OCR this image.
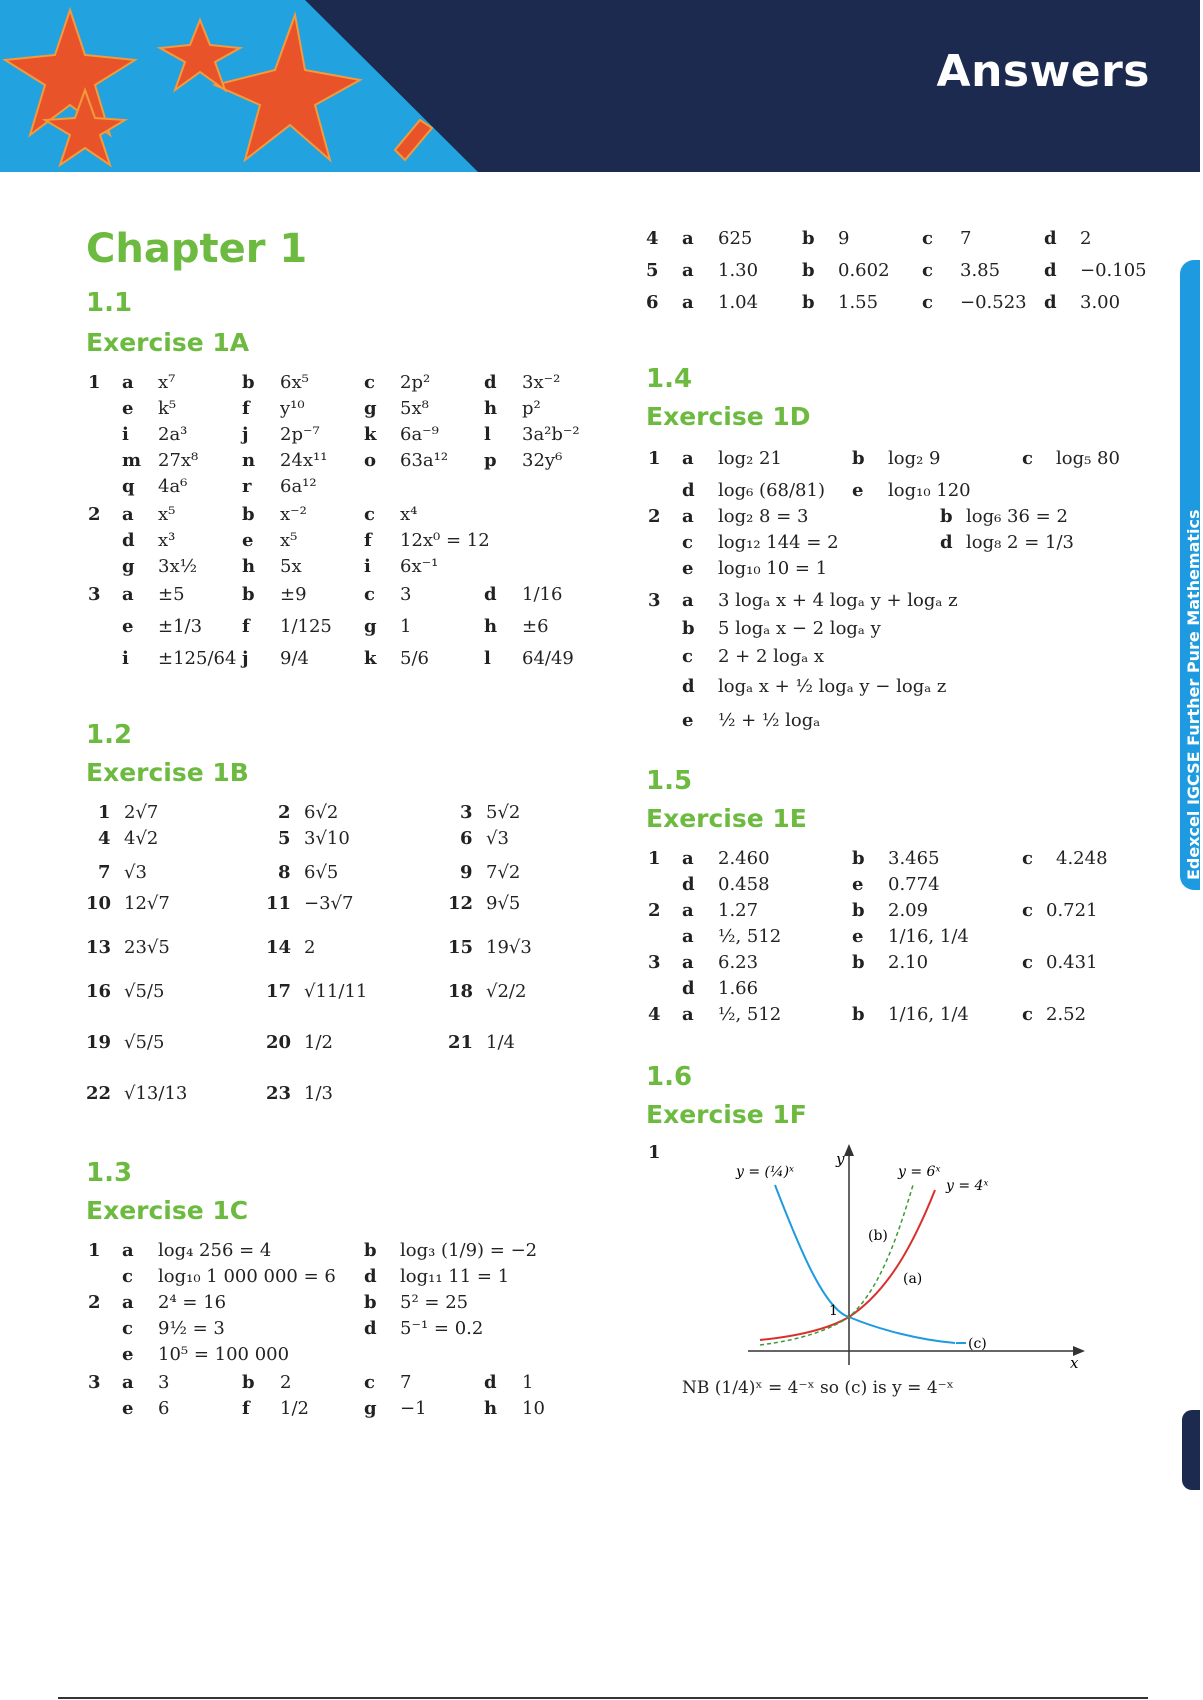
Answers
Edexcel IGCSE Further Pure Mathematics
Chapter 1
1.1
Exercise 1A
1 a x⁷	b 6x⁵	c 2p²	d 3x⁻²
e k⁵	f y¹⁰	g 5x⁸	h p²
i 2a³	j 2p⁻⁷ k 6a⁻⁹	l 3a²b⁻²
m 27x⁸ n 24x¹¹ o 63a¹² p 32y⁶
q 4a⁶	r 6a¹²
2 a x⁵	b x⁻²	c x⁴
d x³	e x⁵	f 12x⁰ = 12
g 3x½ h 5x	i 6x⁻¹
3 a ±5	b ±9	c 3	d 1/16
e ±1/3 f 1/125 g 1	h ±6
i ±125/64 j 9/4	k 5/6	l 64/49
1.2
Exercise 1B
1 2√7	2 6√2	3 5√2
4 4√2	5 3√10	6 √3
7 √3	8 6√5	9 7√2
10 12√7	11 −3√7	12 9√5
13 23√5	14 2	15 19√3
16 √5/5	17 √11/11	18 √2/2
19 √5/5	20 1/2	21 1/4
22 √13/13	23 1/3
1.3
Exercise 1C
1 a log₄ 256 = 4	b log₃ (1/9) = −2
c log₁₀ 1 000 000 = 6 d log₁₁ 11 = 1
2 a 2⁴ = 16	b 5² = 25
c 9½ = 3	d 5⁻¹ = 0.2
e 10⁵ = 100 000
3 a 3	b 2	c 7	d 1
e 6	f 1/2	g −1	h 10
4 a 625	b 9	c 7	d 2
5 a 1.30 b 0.602 c 3.85 d −0.105
6 a 1.04 b 1.55 c −0.523 d 3.00
1.4
Exercise 1D
1 a log₂ 21	b log₂ 9	c log₅ 80
d log₆ (68/81) e log₁₀ 120
2 a log₂ 8 = 3	b log₆ 36 = 2
c log₁₂ 144 = 2	d log₈ 2 = 1/3
e log₁₀ 10 = 1
3 a 3 logₐ x + 4 logₐ y + logₐ z
b 5 logₐ x − 2 logₐ y
c 2 + 2 logₐ x
d logₐ x + ½ logₐ y − logₐ z
e ½ + ½ logₐ
1.5
Exercise 1E
1 a 2.460	b 3.465	c 4.248
d 0.458	e 0.774
2 a 1.27	b 2.09	c 0.721
a ½, 512	e 1/16, 1/4
3 a 6.23	b 2.10	c 0.431
d 1.66
4 a ½, 512	b 1/16, 1/4	c 2.52
1.6
Exercise 1F
1	y
x
y = (¼)ˣ	y = 6ˣ
y = 4ˣ
(b)
(a)
(c)
1
NB (1/4)ˣ = 4⁻ˣ so (c) is y = 4⁻ˣ
